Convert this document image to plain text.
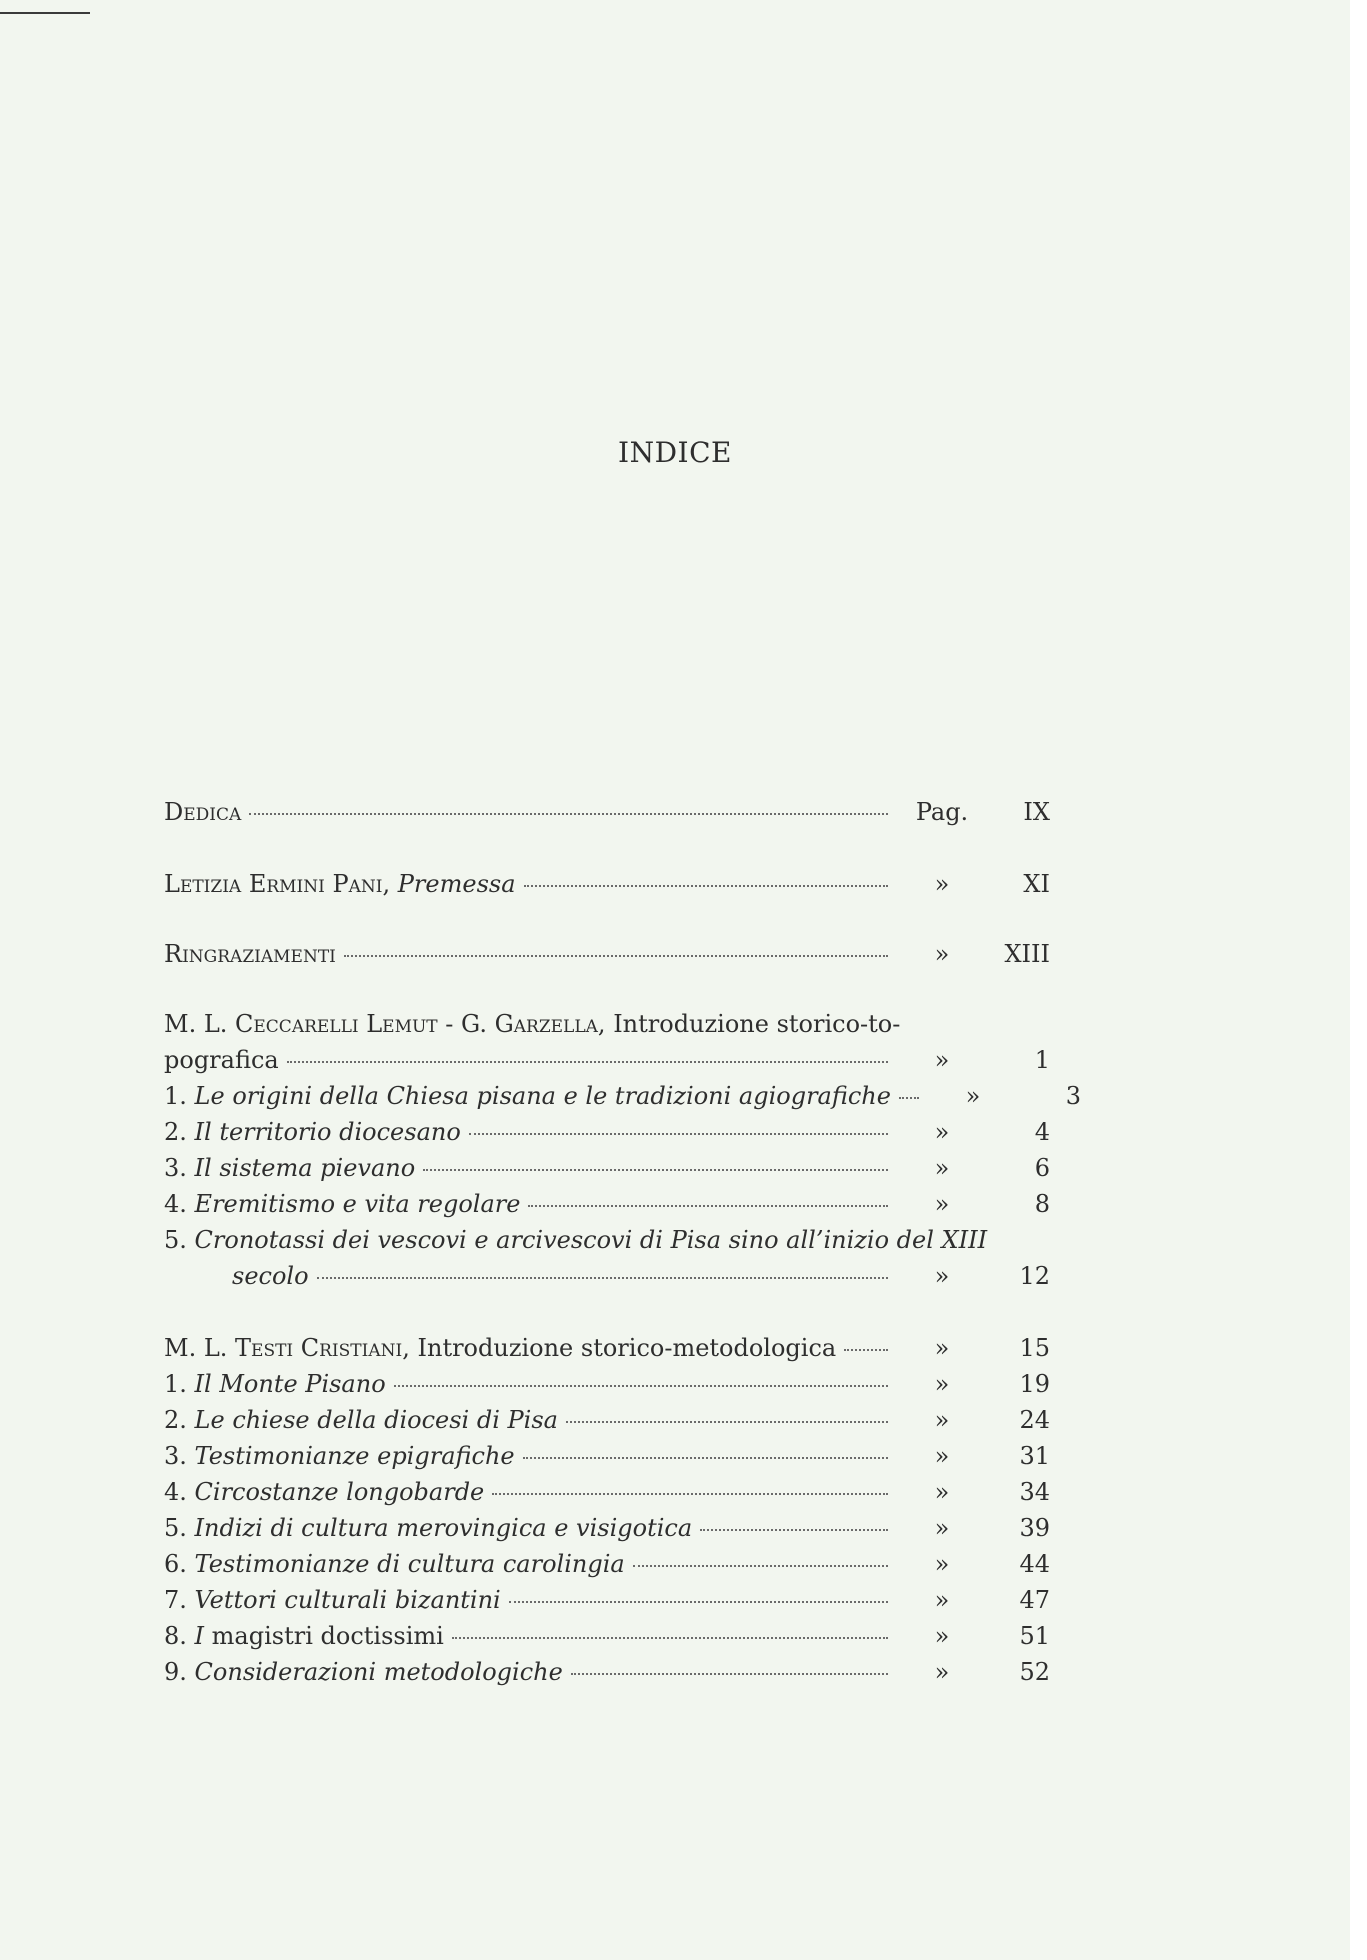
INDICE
Dedica	Pag.	IX
Letizia Ermini Pani, Premessa	»	XI
Ringraziamenti	»	XIII
M. L. Ceccarelli Lemut - G. Garzella, Introduzione storico-to-
pografica	»	1
1. Le origini della Chiesa pisana e le tradizioni agiografiche	»	3
2. Il territorio diocesano	»	4
3. Il sistema pievano	»	6
4. Eremitismo e vita regolare	»	8
5. Cronotassi dei vescovi e arcivescovi di Pisa sino all’inizio del XIII
secolo	»	12
M. L. Testi Cristiani, Introduzione storico-metodologica	»	15
1. Il Monte Pisano	»	19
2. Le chiese della diocesi di Pisa	»	24
3. Testimonianze epigrafiche	»	31
4. Circostanze longobarde	»	34
5. Indizi di cultura merovingica e visigotica	»	39
6. Testimonianze di cultura carolingia	»	44
7. Vettori culturali bizantini	»	47
8. I magistri doctissimi	»	51
9. Considerazioni metodologiche	»	52
